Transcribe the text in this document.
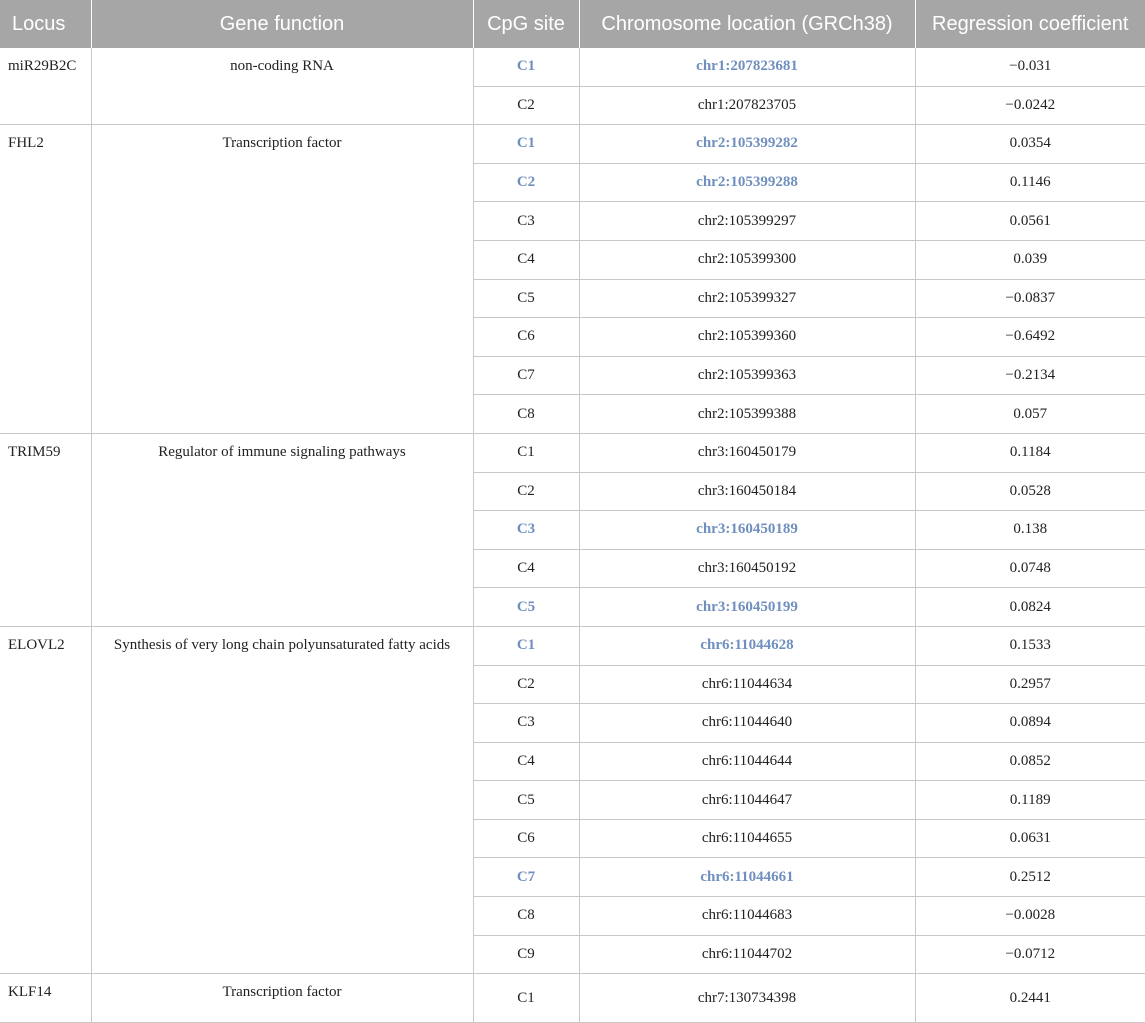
Locus	Gene function	CpG site	Chromosome location (GRCh38)	Regression coefficient
miR29B2C	non-coding RNA	C1	chr1:207823681	−0.031
		C2	chr1:207823705	−0.0242
FHL2	Transcription factor	C1	chr2:105399282	0.0354
		C2	chr2:105399288	0.1146
		C3	chr2:105399297	0.0561
		C4	chr2:105399300	0.039
		C5	chr2:105399327	−0.0837
		C6	chr2:105399360	−0.6492
		C7	chr2:105399363	−0.2134
		C8	chr2:105399388	0.057
TRIM59	Regulator of immune signaling pathways	C1	chr3:160450179	0.1184
		C2	chr3:160450184	0.0528
		C3	chr3:160450189	0.138
		C4	chr3:160450192	0.0748
		C5	chr3:160450199	0.0824
ELOVL2	Synthesis of very long chain polyunsaturated fatty acids	C1	chr6:11044628	0.1533
		C2	chr6:11044634	0.2957
		C3	chr6:11044640	0.0894
		C4	chr6:11044644	0.0852
		C5	chr6:11044647	0.1189
		C6	chr6:11044655	0.0631
		C7	chr6:11044661	0.2512
		C8	chr6:11044683	−0.0028
		C9	chr6:11044702	−0.0712
KLF14	Transcription factor	C1	chr7:130734398	0.2441
